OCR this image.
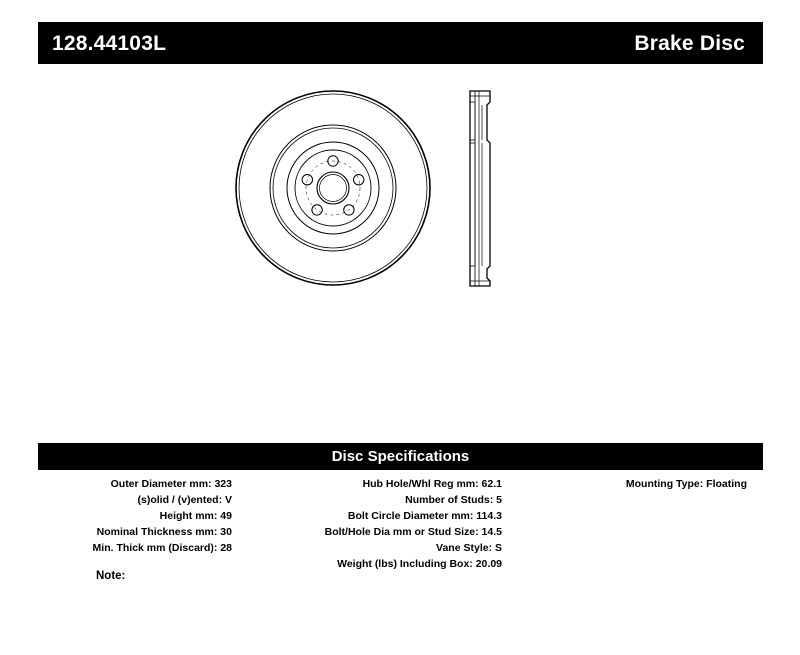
128.44103L	Brake Disc
Disc Specifications
Outer Diameter mm: 323
(s)olid / (v)ented: V
Height mm: 49
Nominal Thickness mm: 30
Min. Thick mm (Discard): 28
Hub Hole/Whl Reg mm: 62.1
Number of Studs: 5
Bolt Circle Diameter mm: 114.3
Bolt/Hole Dia mm or Stud Size: 14.5
Vane Style: S
Weight (lbs) Including Box: 20.09
Mounting Type: Floating
Note:
